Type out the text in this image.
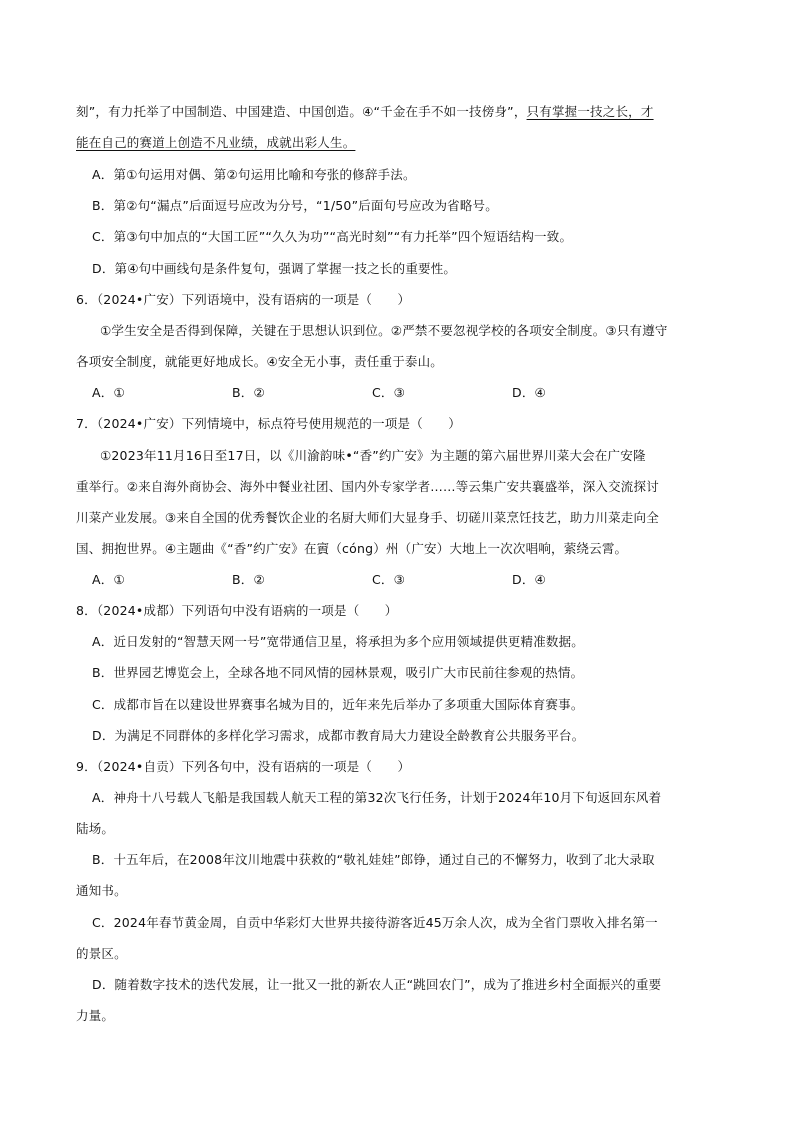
刻”，有力托举了中国制造、中国建造、中国创造。④“千金在手不如一技傍身”，只有掌握一技之长，才
能在自己的赛道上创造不凡业绩，成就出彩人生。
A．第①句运用对偶、第②句运用比喻和夸张的修辞手法。
B．第②句“漏点”后面逗号应改为分号，“1/50”后面句号应改为省略号。
C．第③句中加点的“大国工匠”“久久为功”“高光时刻”“有力托举”四个短语结构一致。
D．第④句中画线句是条件复句，强调了掌握一技之长的重要性。
6．（2024•广安）下列语境中，没有语病的一项是（　　）
①学生安全是否得到保障，关键在于思想认识到位。②严禁不要忽视学校的各项安全制度。③只有遵守
各项安全制度，就能更好地成长。④安全无小事，责任重于泰山。
A．①	B．②	C．③	D．④
7．（2024•广安）下列情境中，标点符号使用规范的一项是（　　）
①2023年11月16日至17日，以《川渝韵味•“香”约广安》为主题的第六届世界川菜大会在广安隆
重举行。②来自海外商协会、海外中餐业社团、国内外专家学者……等云集广安共襄盛举，深入交流探讨
川菜产业发展。③来自全国的优秀餐饮企业的名厨大师们大显身手、切磋川菜烹饪技艺，助力川菜走向全
国、拥抱世界。④主题曲《“香”约广安》在賨（cóng）州（广安）大地上一次次唱响，萦绕云霄。
A．①	B．②	C．③	D．④
8．（2024•成都）下列语句中没有语病的一项是（　　）
A．近日发射的“智慧天网一号”宽带通信卫星，将承担为多个应用领域提供更精准数据。
B．世界园艺博览会上，全球各地不同风情的园林景观，吸引广大市民前往参观的热情。
C．成都市旨在以建设世界赛事名城为目的，近年来先后举办了多项重大国际体育赛事。
D．为满足不同群体的多样化学习需求，成都市教育局大力建设全龄教育公共服务平台。
9．（2024•自贡）下列各句中，没有语病的一项是（　　）
A．神舟十八号载人飞船是我国载人航天工程的第32次飞行任务，计划于2024年10月下旬返回东风着
陆场。
B．十五年后，在2008年汶川地震中获救的“敬礼娃娃”郎铮，通过自己的不懈努力，收到了北大录取
通知书。
C．2024年春节黄金周，自贡中华彩灯大世界共接待游客近45万余人次，成为全省门票收入排名第一
的景区。
D．随着数字技术的迭代发展，让一批又一批的新农人正“跳回农门”，成为了推进乡村全面振兴的重要
力量。
